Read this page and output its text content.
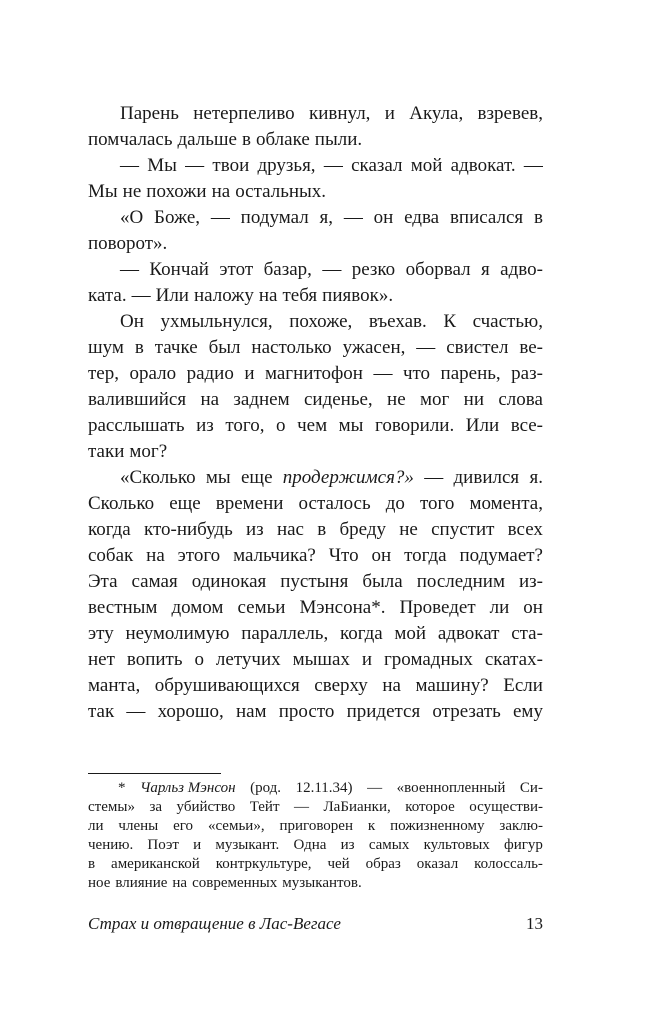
Парень нетерпеливо кивнул, и Акула, взревев,
помчалась дальше в облаке пыли.
— Мы — твои друзья, — сказал мой адвокат. —
Мы не похожи на остальных.
«О Боже, — подумал я, — он едва вписался в
поворот».
— Кончай этот базар, — резко оборвал я адво-
ката. — Или наложу на тебя пиявок».
Он ухмыльнулся, похоже, въехав. К счастью,
шум в тачке был настолько ужасен, — свистел ве-
тер, орало радио и магнитофон — что парень, раз-
валившийся на заднем сиденье, не мог ни слова
расслышать из того, о чем мы говорили. Или все-
таки мог?
«Сколько мы еще продержимся?» — дивился я.
Сколько еще времени осталось до того момента,
когда кто-нибудь из нас в бреду не спустит всех
собак на этого мальчика? Что он тогда подумает?
Эта самая одинокая пустыня была последним из-
вестным домом семьи Мэнсона*. Проведет ли он
эту неумолимую параллель, когда мой адвокат ста-
нет вопить о летучих мышах и громадных скатах-
манта, обрушивающихся сверху на машину? Если
так — хорошо, нам просто придется отрезать ему
* Чарльз Мэнсон (род. 12.11.34) — «военнопленный Си-
стемы» за убийство Тейт — ЛаБианки, которое осуществи-
ли члены его «семьи», приговорен к пожизненному заклю-
чению. Поэт и музыкант. Одна из самых культовых фигур
в американской контркультуре, чей образ оказал колоссаль-
ное влияние на современных музыкантов.
Страх и отвращение в Лас-Вегасе	13
